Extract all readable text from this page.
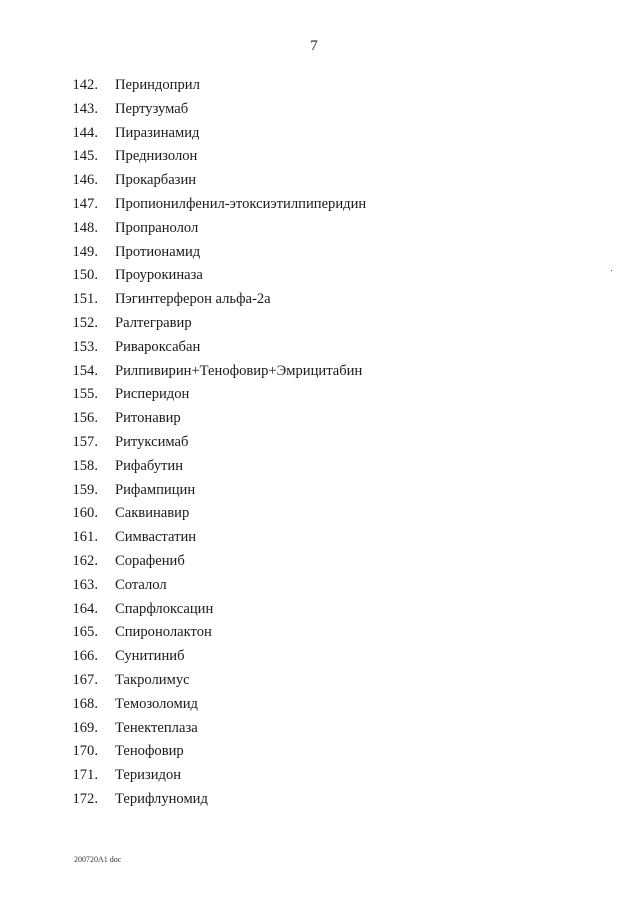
7
142. Периндоприл
143. Пертузумаб
144. Пиразинамид
145. Преднизолон
146. Прокарбазин
147. Пропионилфенил-этоксиэтилпиперидин
148. Пропранолол
149. Протионамид
150. Проурокиназа
151. Пэгинтерферон альфа-2а
152. Ралтегравир
153. Ривароксабан
154. Рилпивирин+Тенофовир+Эмрицитабин
155. Рисперидон
156. Ритонавир
157. Ритуксимаб
158. Рифабутин
159. Рифампицин
160. Саквинавир
161. Симвастатин
162. Сорафениб
163. Соталол
164. Спарфлоксацин
165. Спиронолактон
166. Сунитиниб
167. Такролимус
168. Темозоломид
169. Тенектеплаза
170. Тенофовир
171. Теризидон
172. Терифлуномид
200720A1 doc
